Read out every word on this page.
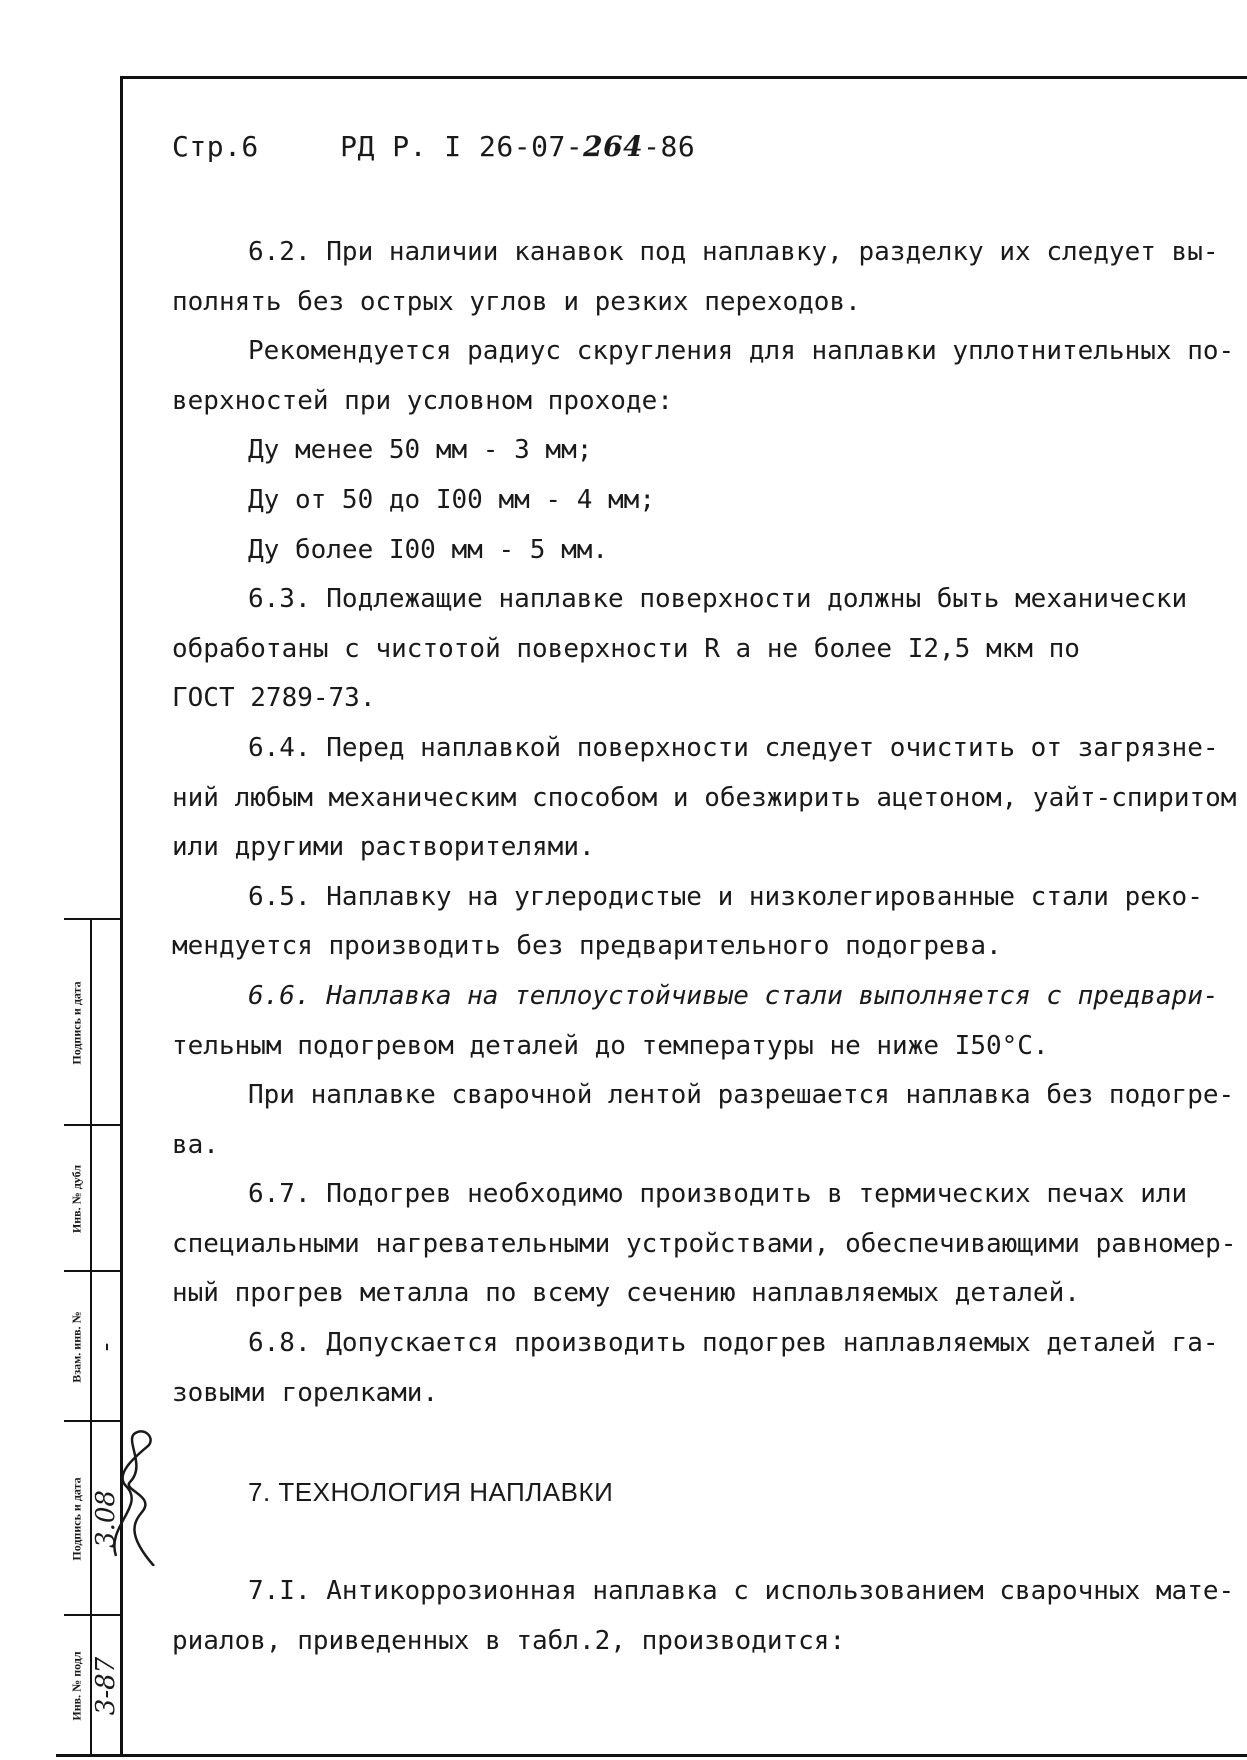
Стр.6	РД Р. І 26-07-264-86

6.2. При наличии канавок под наплавку, разделку их следует вы-

полнять без острых углов и резких переходов.

Рекомендуется радиус скругления для наплавки уплотнительных по-

верхностей при условном проходе:

Ду менее 50 мм - 3 мм;

Ду от 50 до I00 мм - 4 мм;

Ду более I00 мм - 5 мм.

6.3. Подлежащие наплавке поверхности должны быть механически

обработаны с чистотой поверхности R а не более I2,5 мкм по

ГОСТ 2789-73.

6.4. Перед наплавкой поверхности следует очистить от загрязне-

ний любым механическим способом и обезжирить ацетоном, уайт-спиритом

или другими растворителями.

6.5. Наплавку на углеродистые и низколегированные стали реко-

мендуется производить без предварительного подогрева.

6.6. Наплавка на теплоустойчивые стали выполняется с предвари-

тельным подогревом деталей до температуры не ниже I50°С.

При наплавке сварочной лентой разрешается наплавка без подогре-

ва.

6.7. Подогрев необходимо производить в термических печах или

специальными нагревательными устройствами, обеспечивающими равномер-

ный прогрев металла по всему сечению наплавляемых деталей.

6.8. Допускается производить подогрев наплавляемых деталей га-

зовыми горелками.

7. ТЕХНОЛОГИЯ НАПЛАВКИ

7.I. Антикоррозионная наплавка с использованием сварочных мате-

риалов, приведенных в табл.2, производится:

Подпись и дата
Инв. № дубл
Взам. инв. № -
Подпись и дата 3.08
Инв. № подл 3-87
